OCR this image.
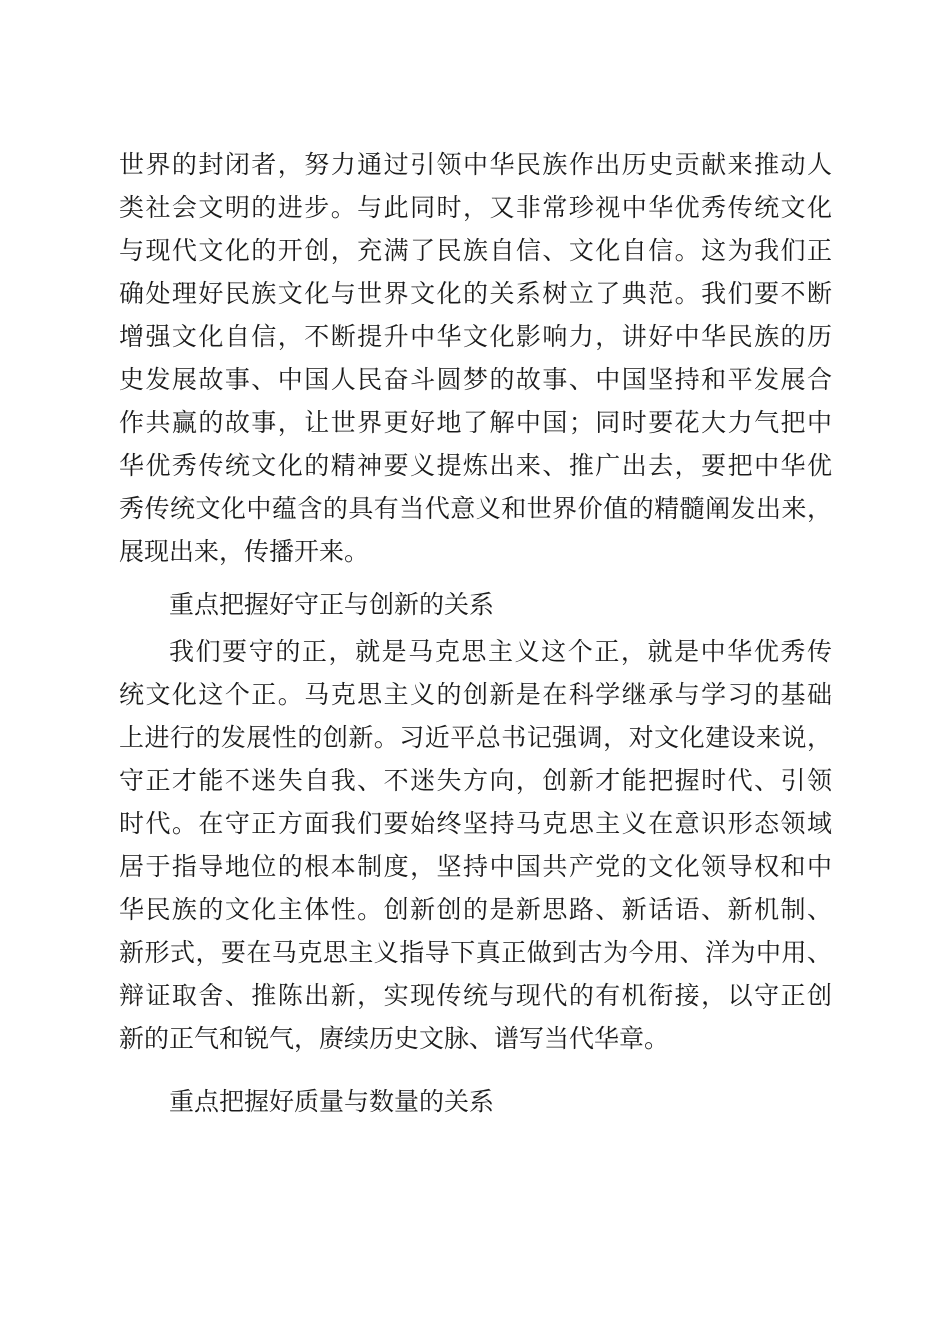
世界的封闭者，努力通过引领中华民族作出历史贡献来推动人
类社会文明的进步。与此同时，又非常珍视中华优秀传统文化
与现代文化的开创，充满了民族自信、文化自信。这为我们正
确处理好民族文化与世界文化的关系树立了典范。我们要不断
增强文化自信，不断提升中华文化影响力，讲好中华民族的历
史发展故事、中国人民奋斗圆梦的故事、中国坚持和平发展合
作共赢的故事，让世界更好地了解中国；同时要花大力气把中
华优秀传统文化的精神要义提炼出来、推广出去，要把中华优
秀传统文化中蕴含的具有当代意义和世界价值的精髓阐发出来，
展现出来，传播开来。
重点把握好守正与创新的关系
我们要守的正，就是马克思主义这个正，就是中华优秀传
统文化这个正。马克思主义的创新是在科学继承与学习的基础
上进行的发展性的创新。习近平总书记强调，对文化建设来说，
守正才能不迷失自我、不迷失方向，创新才能把握时代、引领
时代。在守正方面我们要始终坚持马克思主义在意识形态领域
居于指导地位的根本制度，坚持中国共产党的文化领导权和中
华民族的文化主体性。创新创的是新思路、新话语、新机制、
新形式，要在马克思主义指导下真正做到古为今用、洋为中用、
辩证取舍、推陈出新，实现传统与现代的有机衔接，以守正创
新的正气和锐气，赓续历史文脉、谱写当代华章。
重点把握好质量与数量的关系
